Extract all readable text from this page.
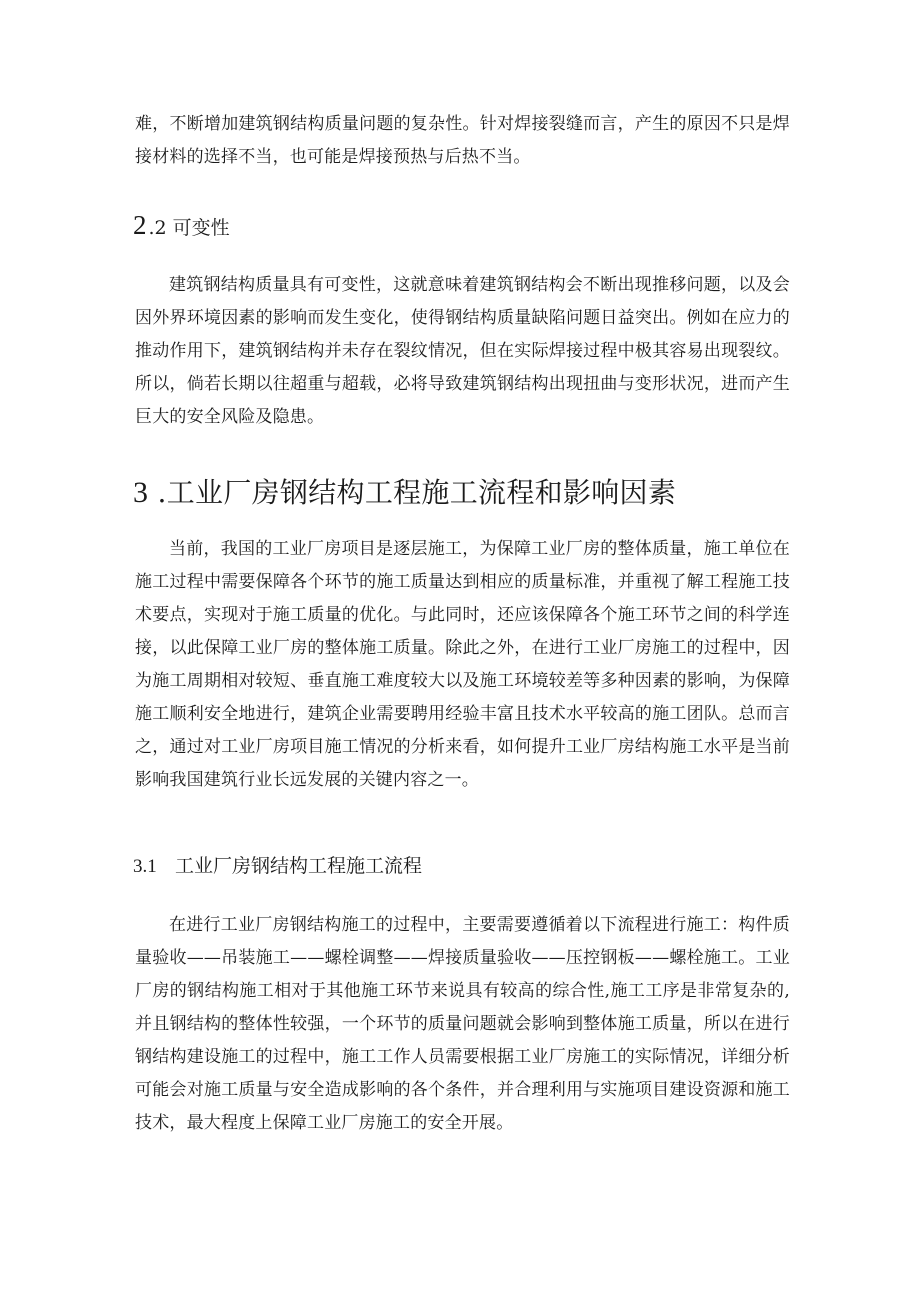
难，不断增加建筑钢结构质量问题的复杂性。针对焊接裂缝而言，产生的原因不只是焊接材料的选择不当，也可能是焊接预热与后热不当。

2 .2 可变性

建筑钢结构质量具有可变性，这就意味着建筑钢结构会不断出现推移问题，以及会因外界环境因素的影响而发生变化，使得钢结构质量缺陷问题日益突出。例如在应力的推动作用下，建筑钢结构并未存在裂纹情况，但在实际焊接过程中极其容易出现裂纹。所以，倘若长期以往超重与超载，必将导致建筑钢结构出现扭曲与变形状况，进而产生巨大的安全风险及隐患。

3 .工业厂房钢结构工程施工流程和影响因素

当前，我国的工业厂房项目是逐层施工，为保障工业厂房的整体质量，施工单位在施工过程中需要保障各个环节的施工质量达到相应的质量标准，并重视了解工程施工技术要点，实现对于施工质量的优化。与此同时，还应该保障各个施工环节之间的科学连接，以此保障工业厂房的整体施工质量。除此之外，在进行工业厂房施工的过程中，因为施工周期相对较短、垂直施工难度较大以及施工环境较差等多种因素的影响，为保障施工顺利安全地进行，建筑企业需要聘用经验丰富且技术水平较高的施工团队。总而言之，通过对工业厂房项目施工情况的分析来看，如何提升工业厂房结构施工水平是当前影响我国建筑行业长远发展的关键内容之一。

3.1 工业厂房钢结构工程施工流程

在进行工业厂房钢结构施工的过程中，主要需要遵循着以下流程进行施工：构件质量验收——吊装施工——螺栓调整——焊接质量验收——压控钢板——螺栓施工。工业厂房的钢结构施工相对于其他施工环节来说具有较高的综合性,施工工序是非常复杂的,并且钢结构的整体性较强，一个环节的质量问题就会影响到整体施工质量，所以在进行钢结构建设施工的过程中，施工工作人员需要根据工业厂房施工的实际情况，详细分析可能会对施工质量与安全造成影响的各个条件，并合理利用与实施项目建设资源和施工技术，最大程度上保障工业厂房施工的安全开展。
